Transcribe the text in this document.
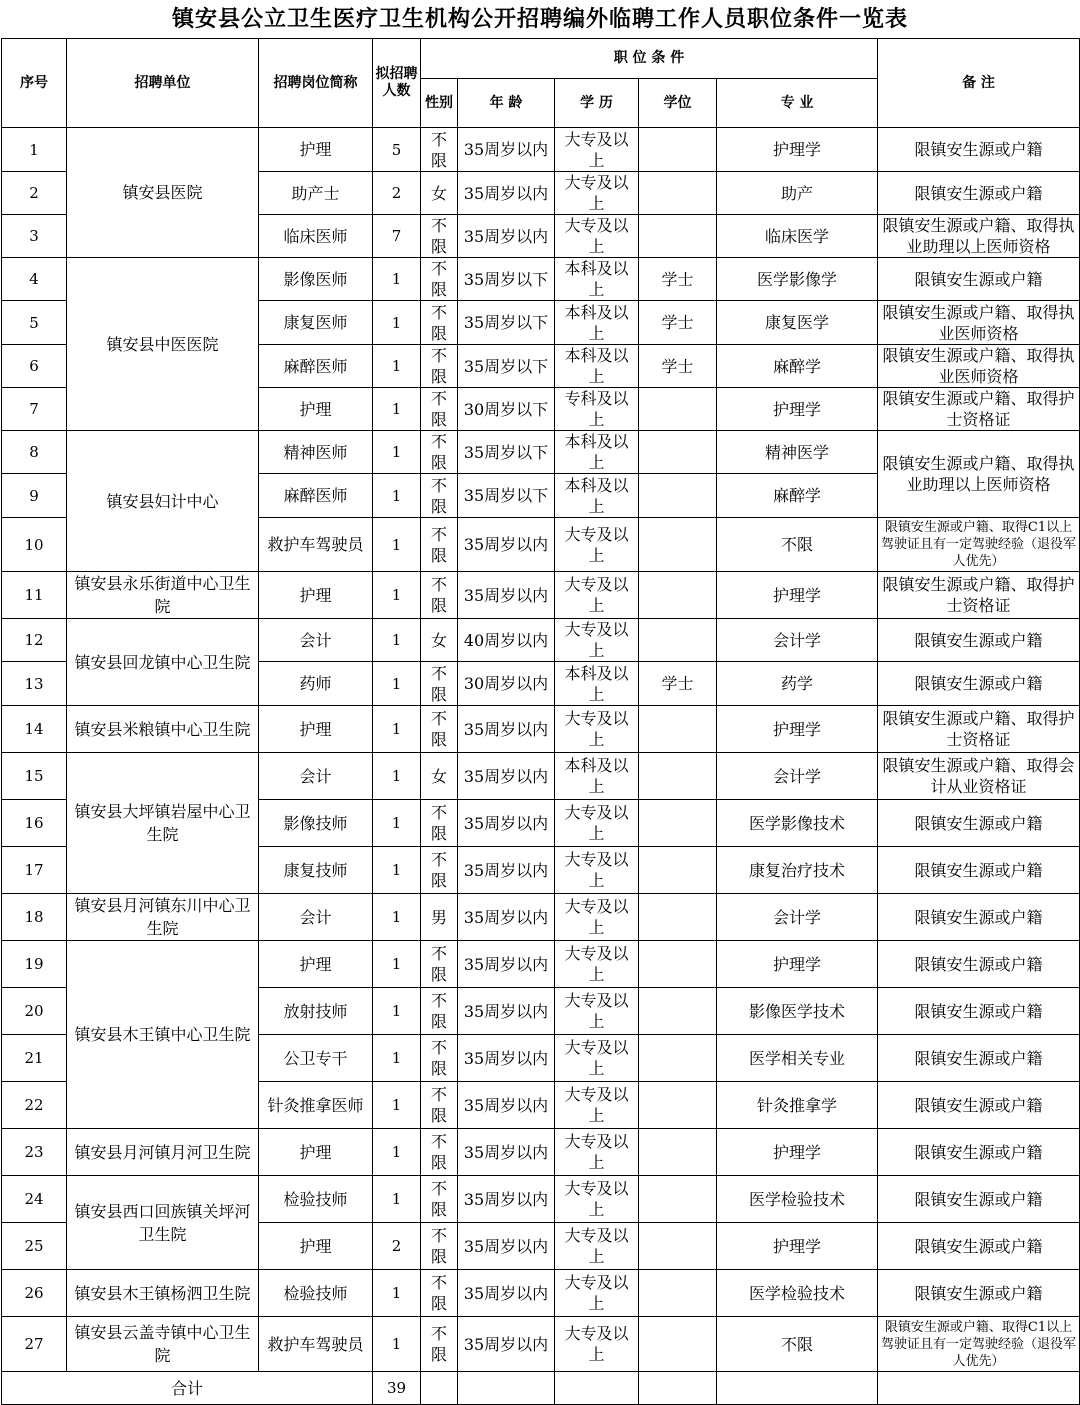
镇安县公立卫生医疗卫生机构公开招聘编外临聘工作人员职位条件一览表
序号	招聘单位	招聘岗位简称	拟招聘人数	职 位 条 件					备 注
				性别	年 龄	学 历	学位	专 业	
1	镇安县医院	护理	5	不限	35周岁以内	大专及以上		护理学	限镇安生源或户籍
2		助产士	2	女	35周岁以内	大专及以上		助产	限镇安生源或户籍
3		临床医师	7	不限	35周岁以内	大专及以上		临床医学	限镇安生源或户籍、取得执业助理以上医师资格
4	镇安县中医医院	影像医师	1	不限	35周岁以下	本科及以上	学士	医学影像学	限镇安生源或户籍
5		康复医师	1	不限	35周岁以下	本科及以上	学士	康复医学	限镇安生源或户籍、取得执业医师资格
6		麻醉医师	1	不限	35周岁以下	本科及以上	学士	麻醉学	限镇安生源或户籍、取得执业医师资格
7		护理	1	不限	30周岁以下	专科及以上		护理学	限镇安生源或户籍、取得护士资格证
8	镇安县妇计中心	精神医师	1	不限	35周岁以下	本科及以上		精神医学	限镇安生源或户籍、取得执业助理以上医师资格
9		麻醉医师	1	不限	35周岁以下	本科及以上		麻醉学	
10		救护车驾驶员	1	不限	35周岁以内	大专及以上		不限	限镇安生源或户籍、取得C1以上驾驶证且有一定驾驶经验（退役军人优先）
11	镇安县永乐街道中心卫生院	护理	1	不限	35周岁以内	大专及以上		护理学	限镇安生源或户籍、取得护士资格证
12	镇安县回龙镇中心卫生院	会计	1	女	40周岁以内	大专及以上		会计学	限镇安生源或户籍
13		药师	1	不限	30周岁以内	本科及以上	学士	药学	限镇安生源或户籍
14	镇安县米粮镇中心卫生院	护理	1	不限	35周岁以内	大专及以上		护理学	限镇安生源或户籍、取得护士资格证
15	镇安县大坪镇岩屋中心卫生院	会计	1	女	35周岁以内	本科及以上		会计学	限镇安生源或户籍、取得会计从业资格证
16		影像技师	1	不限	35周岁以内	大专及以上		医学影像技术	限镇安生源或户籍
17		康复技师	1	不限	35周岁以内	大专及以上		康复治疗技术	限镇安生源或户籍
18	镇安县月河镇东川中心卫生院	会计	1	男	35周岁以内	大专及以上		会计学	限镇安生源或户籍
19	镇安县木王镇中心卫生院	护理	1	不限	35周岁以内	大专及以上		护理学	限镇安生源或户籍
20		放射技师	1	不限	35周岁以内	大专及以上		影像医学技术	限镇安生源或户籍
21		公卫专干	1	不限	35周岁以内	大专及以上		医学相关专业	限镇安生源或户籍
22		针灸推拿医师	1	不限	35周岁以内	大专及以上		针灸推拿学	限镇安生源或户籍
23	镇安县月河镇月河卫生院	护理	1	不限	35周岁以内	大专及以上		护理学	限镇安生源或户籍
24	镇安县西口回族镇关坪河卫生院	检验技师	1	不限	35周岁以内	大专及以上		医学检验技术	限镇安生源或户籍
25		护理	2	不限	35周岁以内	大专及以上		护理学	限镇安生源或户籍
26	镇安县木王镇杨泗卫生院	检验技师	1	不限	35周岁以内	大专及以上		医学检验技术	限镇安生源或户籍
27	镇安县云盖寺镇中心卫生院	救护车驾驶员	1	不限	35周岁以内	大专及以上		不限	限镇安生源或户籍、取得C1以上驾驶证且有一定驾驶经验（退役军人优先）
合计			39						
